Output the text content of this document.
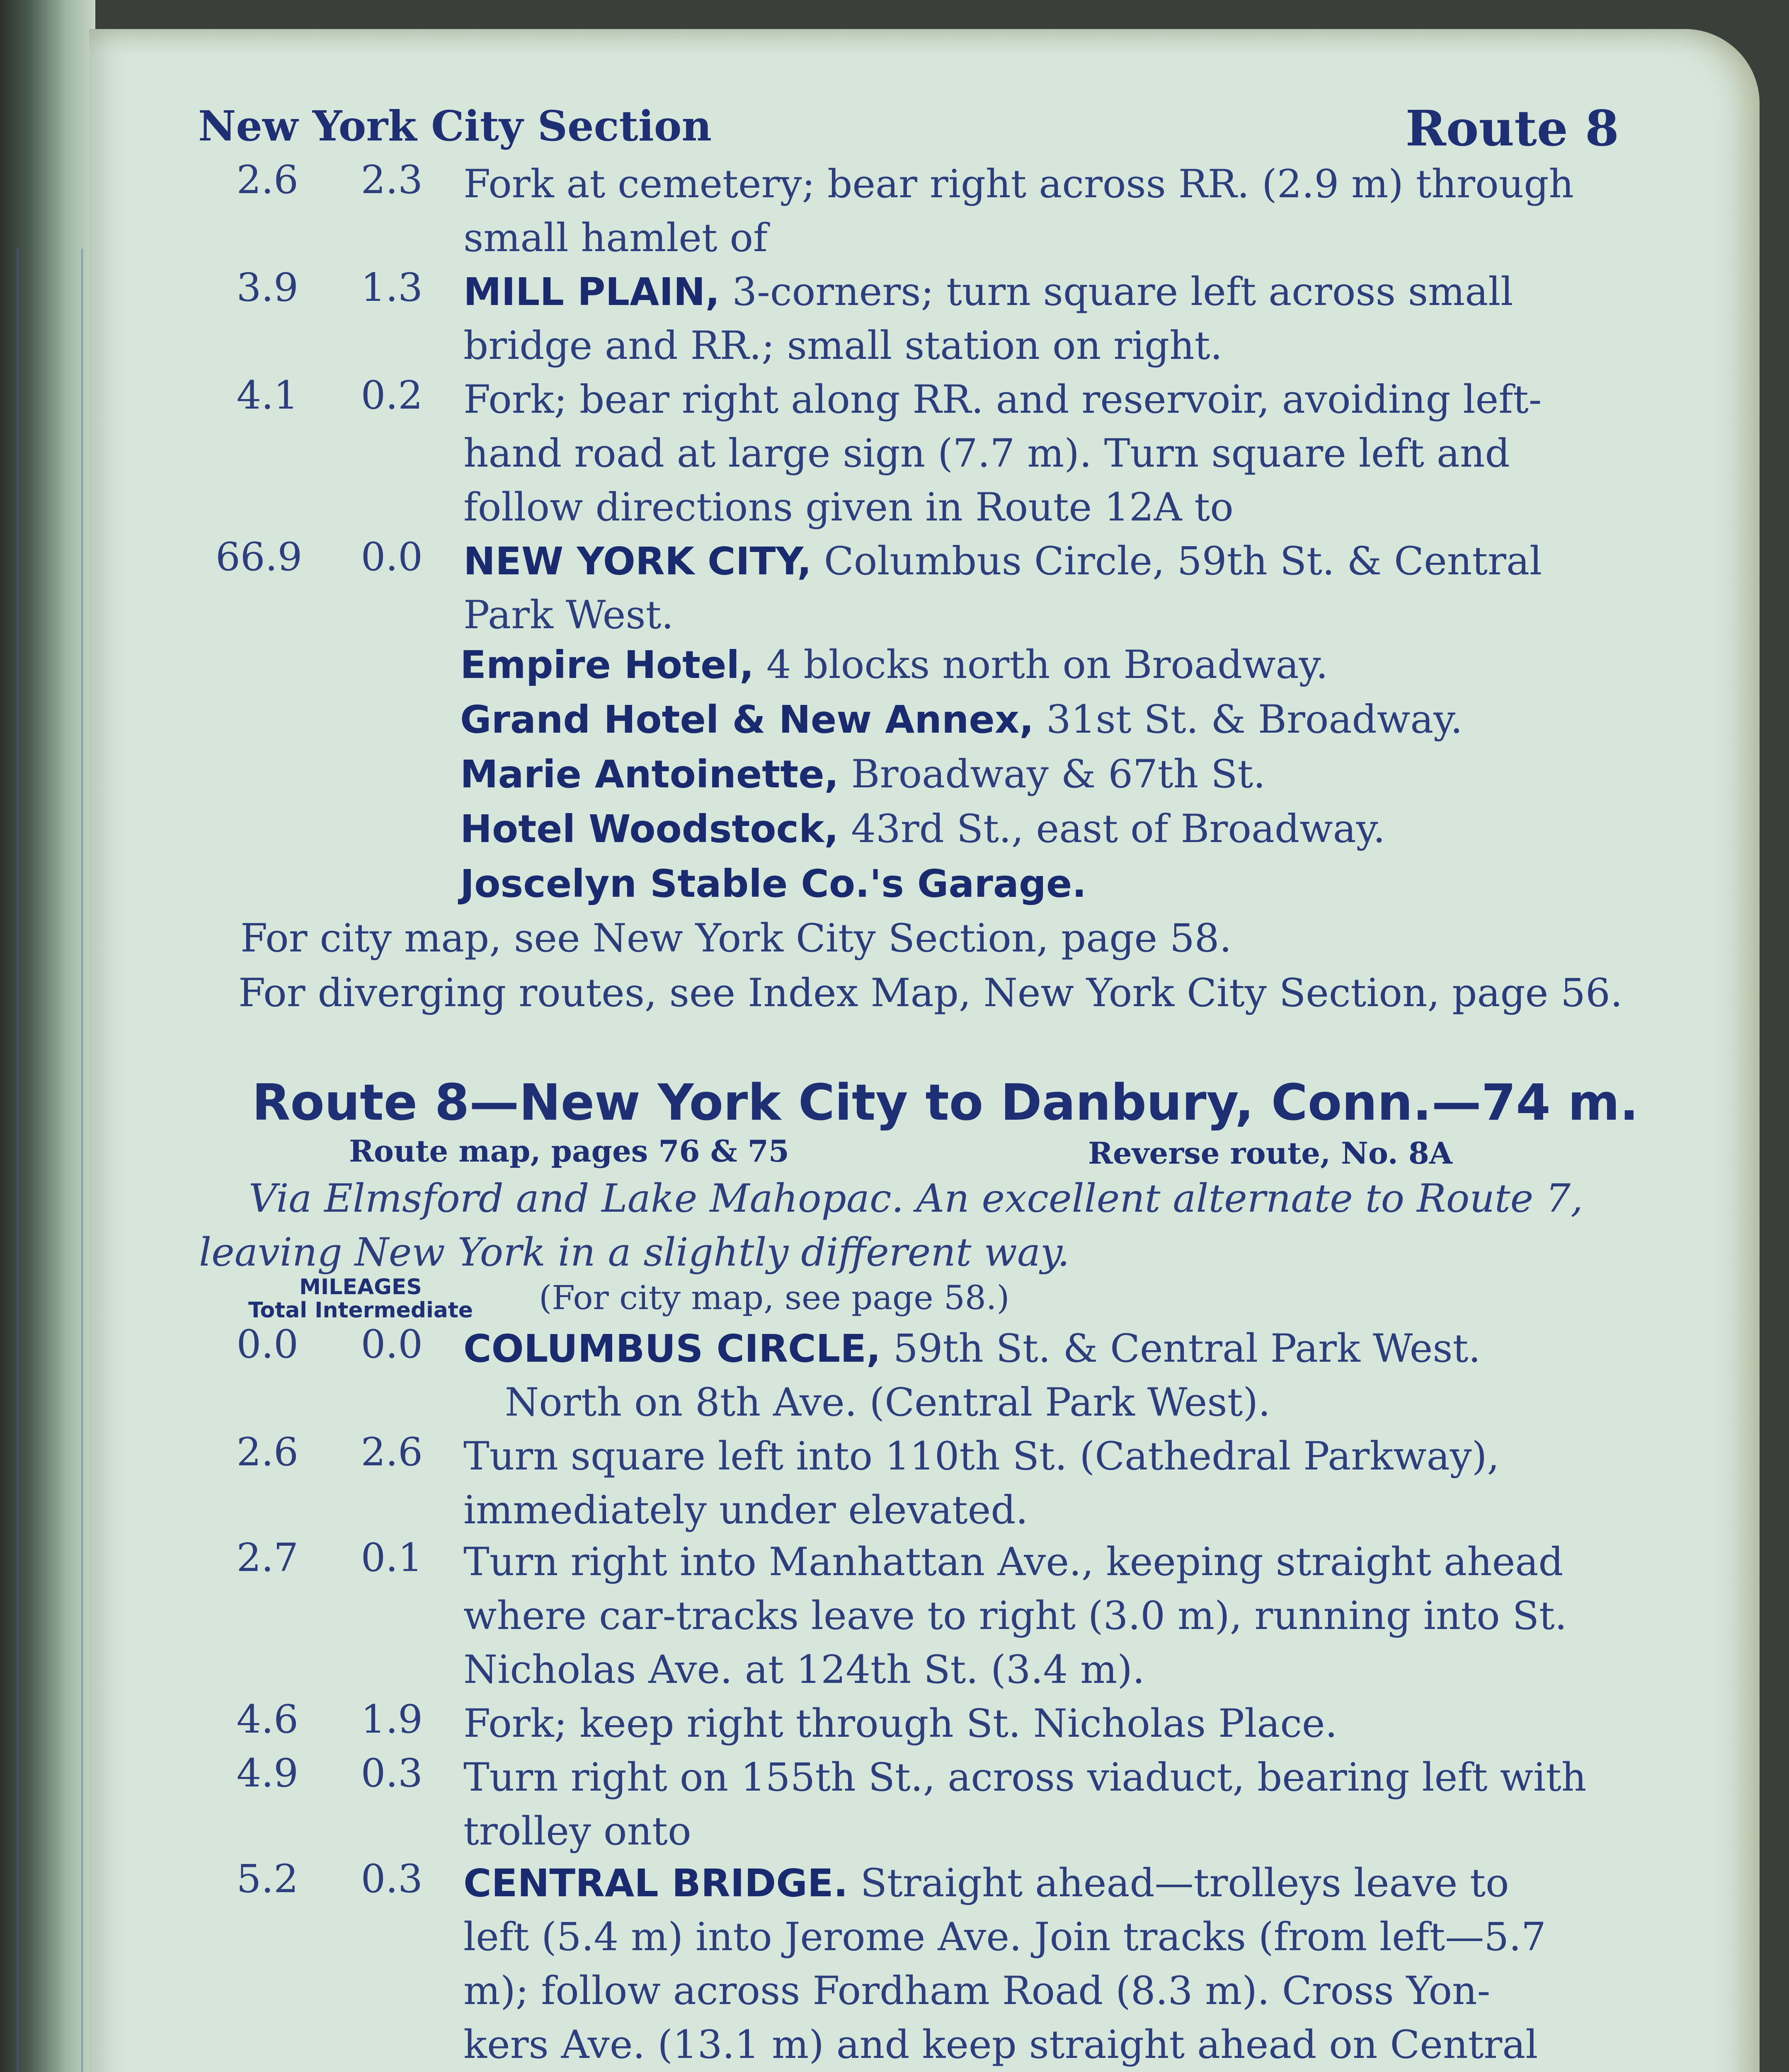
New York City Section	Route 8
2.6	2.3 Fork at cemetery; bear right across RR. (2.9 m) through
small hamlet of
3.9	1.3 MILL PLAIN, 3-corners; turn square left across small
bridge and RR.; small station on right.
4.1	0.2 Fork; bear right along RR. and reservoir, avoiding left-
hand road at large sign (7.7 m). Turn square left and
follow directions given in Route 12A to
66.9	0.0 NEW YORK CITY, Columbus Circle, 59th St. & Central
Park West.
Empire Hotel, 4 blocks north on Broadway.
Grand Hotel & New Annex, 31st St. & Broadway.
Marie Antoinette, Broadway & 67th St.
Hotel Woodstock, 43rd St., east of Broadway.
Joscelyn Stable Co.'s Garage.
For city map, see New York City Section, page 58.
For diverging routes, see Index Map, New York City Section, page 56.
Route 8—New York City to Danbury, Conn.—74 m.
Route map, pages 76 & 75	Reverse route, No. 8A
Via Elmsford and Lake Mahopac. An excellent alternate to Route 7,
leaving New York in a slightly different way.
MILEAGES
Total Intermediate	(For city map, see page 58.)
0.0	0.0 COLUMBUS CIRCLE, 59th St. & Central Park West.
North on 8th Ave. (Central Park West).
2.6	2.6 Turn square left into 110th St. (Cathedral Parkway),
immediately under elevated.
2.7	0.1 Turn right into Manhattan Ave., keeping straight ahead
where car-tracks leave to right (3.0 m), running into St.
Nicholas Ave. at 124th St. (3.4 m).
4.6	1.9 Fork; keep right through St. Nicholas Place.
4.9	0.3 Turn right on 155th St., across viaduct, bearing left with
trolley onto
5.2	0.3 CENTRAL BRIDGE. Straight ahead—trolleys leave to
left (5.4 m) into Jerome Ave. Join tracks (from left—5.7
m); follow across Fordham Road (8.3 m). Cross Yon-
kers Ave. (13.1 m) and keep straight ahead on Central
